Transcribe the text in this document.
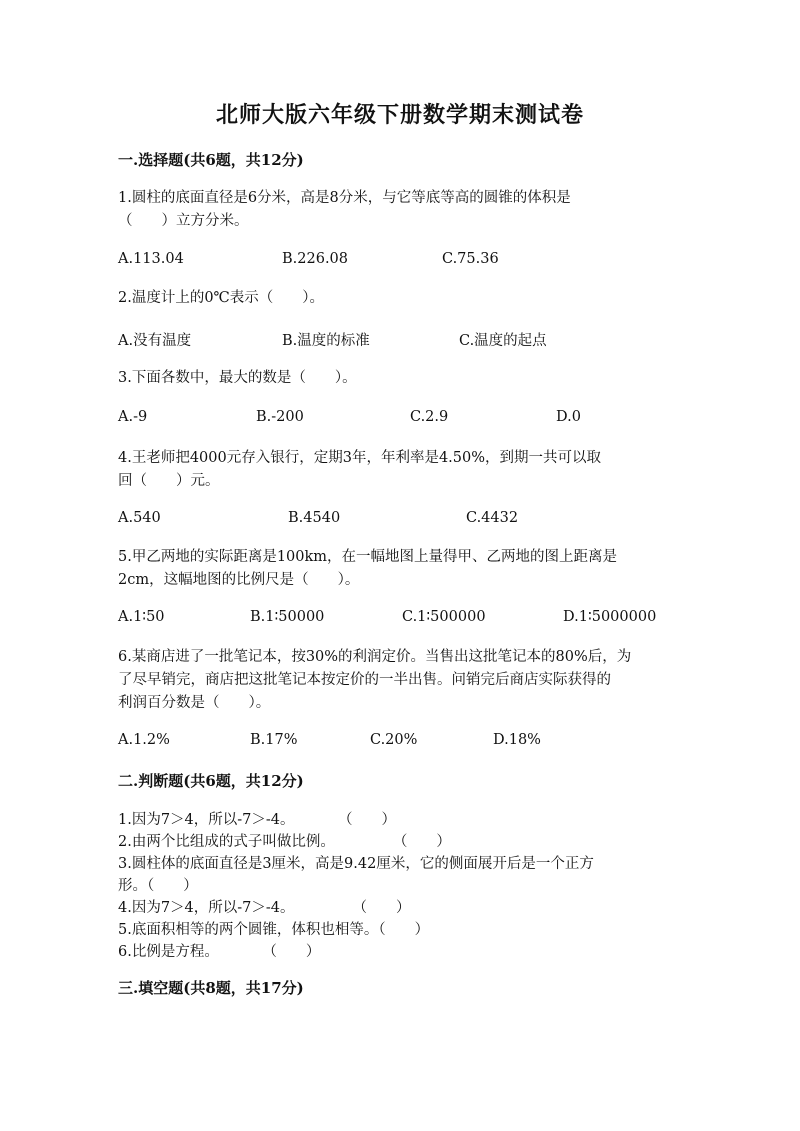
北师大版六年级下册数学期末测试卷
一.选择题(共6题，共12分)
1.圆柱的底面直径是6分米，高是8分米，与它等底等高的圆锥的体积是
（　　）立方分米。
A.113.04	B.226.08	C.75.36
2.温度计上的0℃表示（　　）。
A.没有温度	B.温度的标准	C.温度的起点
3.下面各数中，最大的数是（　　）。
A.-9	B.-200	C.2.9	D.0
4.王老师把4000元存入银行，定期3年，年利率是4.50%，到期一共可以取
回（　　）元。
A.540	B.4540	C.4432
5.甲乙两地的实际距离是100km，在一幅地图上量得甲、乙两地的图上距离是
2cm，这幅地图的比例尺是（　　）。
A.1∶50	B.1∶50000	C.1∶500000	D.1∶5000000
6.某商店进了一批笔记本，按30%的利润定价。当售出这批笔记本的80%后，为
了尽早销完，商店把这批笔记本按定价的一半出售。问销完后商店实际获得的
利润百分数是（　　）。
A.1.2%	B.17%	C.20%	D.18%
二.判断题(共6题，共12分)
1.因为7＞4，所以-7＞-4。　　　　（　　）
2.由两个比组成的式子叫做比例。　　　　　（　　）
3.圆柱体的底面直径是3厘米，高是9.42厘米，它的侧面展开后是一个正方
形。（　　）
4.因为7＞4，所以-7＞-4。　　　　　（　　）
5.底面积相等的两个圆锥，体积也相等。（　　）
6.比例是方程。　　　　（　　）
三.填空题(共8题，共17分)
